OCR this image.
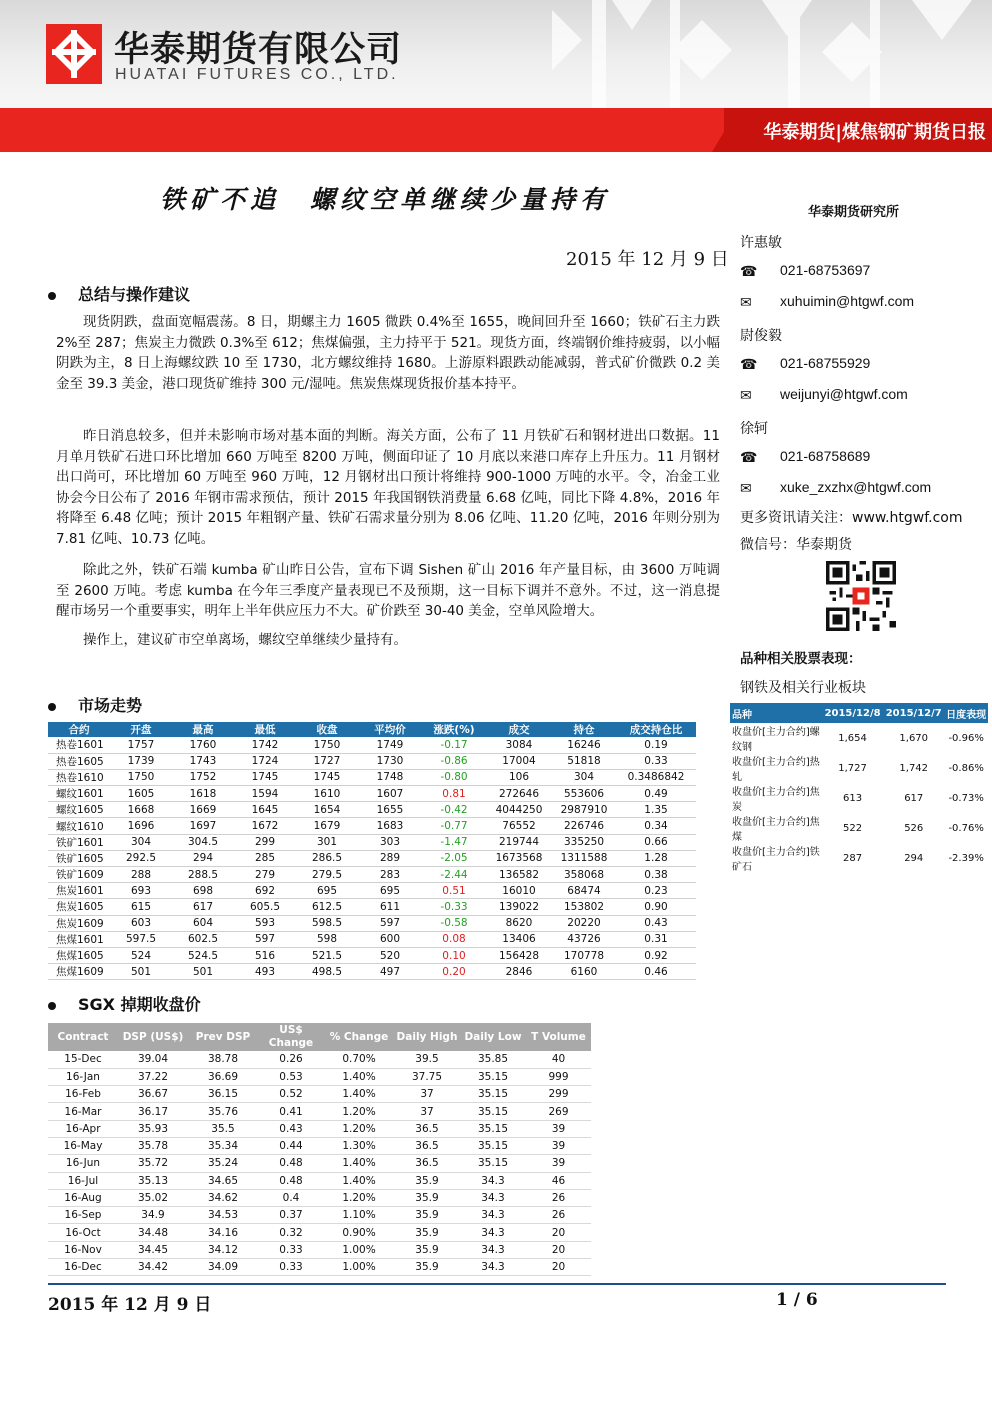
华泰期货有限公司
HUATAI FUTURES CO., LTD.
华泰期货|煤焦钢矿期货日报
铁矿不追　螺纹空单继续少量持有
2015 年 12 月 9 日
总结与操作建议

现货阴跌，盘面宽幅震荡。8 日，期螺主力 1605 微跌 0.4%至 1655，晚间回升至 1660；铁矿石主力跌 2%至 287；焦炭主力微跌 0.3%至 612；焦煤偏强，主力持平于 521。现货方面，终端钢价维持疲弱，以小幅阴跌为主，8 日上海螺纹跌 10 至 1730，北方螺纹维持 1680。上游原料跟跌动能减弱，普式矿价微跌 0.2 美金至 39.3 美金，港口现货矿维持 300 元/湿吨。焦炭焦煤现货报价基本持平。

昨日消息较多，但并未影响市场对基本面的判断。海关方面，公布了 11 月铁矿石和钢材进出口数据。11 月单月铁矿石进口环比增加 660 万吨至 8200 万吨，侧面印证了 10 月底以来港口库存上升压力。11 月钢材出口尚可，环比增加 60 万吨至 960 万吨，12 月钢材出口预计将维持 900-1000 万吨的水平。令，冶金工业协会今日公布了 2016 年钢市需求预估，预计 2015 年我国钢铁消费量 6.68 亿吨，同比下降 4.8%，2016 年将降至 6.48 亿吨；预计 2015 年粗钢产量、铁矿石需求量分别为 8.06 亿吨、11.20 亿吨，2016 年则分别为 7.81 亿吨、10.73 亿吨。

除此之外，铁矿石端 kumba 矿山昨日公告，宣布下调 Sishen 矿山 2016 年产量目标，由 3600 万吨调至 2600 万吨。考虑 kumba 在今年三季度产量表现已不及预期，这一目标下调并不意外。不过，这一消息提醒市场另一个重要事实，明年上半年供应压力不大。矿价跌至 30-40 美金，空单风险增大。

操作上，建议矿市空单离场，螺纹空单继续少量持有。

华泰期货研究所
许惠敏
☎ 021-68753697
✉	xuhuimin@htgwf.com
尉俊毅
☎ 021-68755929
✉	weijunyi@htgwf.com
徐轲
☎ 021-68758689
✉	xuke_zxzhx@htgwf.com
更多资讯请关注：www.htgwf.com
微信号：华泰期货
品种相关股票表现：
钢铁及相关行业板块
品种	2015/12/8	2015/12/7	日度表现
收盘价[主力合约]螺纹钢	1,654	1,670	-0.96%
收盘价[主力合约]热轧	1,727	1,742	-0.86%
收盘价[主力合约]焦炭	613	617	-0.73%
收盘价[主力合约]焦煤	522	526	-0.76%
收盘价[主力合约]铁矿石	287	294	-2.39%
市场走势
合约	开盘	最高	最低	收盘	平均价	涨跌(%)	成交	持仓	成交持仓比
热卷1601	1757	1760	1742	1750	1749	-0.17	3084	16246	0.19
热卷1605	1739	1743	1724	1727	1730	-0.86	17004	51818	0.33
热卷1610	1750	1752	1745	1745	1748	-0.80	106	304	0.3486842
螺纹1601	1605	1618	1594	1610	1607	0.81	272646	553606	0.49
螺纹1605	1668	1669	1645	1654	1655	-0.42	4044250	2987910	1.35
螺纹1610	1696	1697	1672	1679	1683	-0.77	76552	226746	0.34
铁矿1601	304	304.5	299	301	303	-1.47	219744	335250	0.66
铁矿1605	292.5	294	285	286.5	289	-2.05	1673568	1311588	1.28
铁矿1609	288	288.5	279	279.5	283	-2.44	136582	358068	0.38
焦炭1601	693	698	692	695	695	0.51	16010	68474	0.23
焦炭1605	615	617	605.5	612.5	611	-0.33	139022	153802	0.90
焦炭1609	603	604	593	598.5	597	-0.58	8620	20220	0.43
焦煤1601	597.5	602.5	597	598	600	0.08	13406	43726	0.31
焦煤1605	524	524.5	516	521.5	520	0.10	156428	170778	0.92
焦煤1609	501	501	493	498.5	497	0.20	2846	6160	0.46
SGX 掉期收盘价
Contract	DSP (US$)	Prev DSP	US$ Change	% Change	Daily High	Daily Low	T Volume
15-Dec	39.04	38.78	0.26	0.70%	39.5	35.85	40
16-Jan	37.22	36.69	0.53	1.40%	37.75	35.15	999
16-Feb	36.67	36.15	0.52	1.40%	37	35.15	299
16-Mar	36.17	35.76	0.41	1.20%	37	35.15	269
16-Apr	35.93	35.5	0.43	1.20%	36.5	35.15	39
16-May	35.78	35.34	0.44	1.30%	36.5	35.15	39
16-Jun	35.72	35.24	0.48	1.40%	36.5	35.15	39
16-Jul	35.13	34.65	0.48	1.40%	35.9	34.3	46
16-Aug	35.02	34.62	0.4	1.20%	35.9	34.3	26
16-Sep	34.9	34.53	0.37	1.10%	35.9	34.3	26
16-Oct	34.48	34.16	0.32	0.90%	35.9	34.3	20
16-Nov	34.45	34.12	0.33	1.00%	35.9	34.3	20
16-Dec	34.42	34.09	0.33	1.00%	35.9	34.3	20
2015 年 12 月 9 日	1 / 6
